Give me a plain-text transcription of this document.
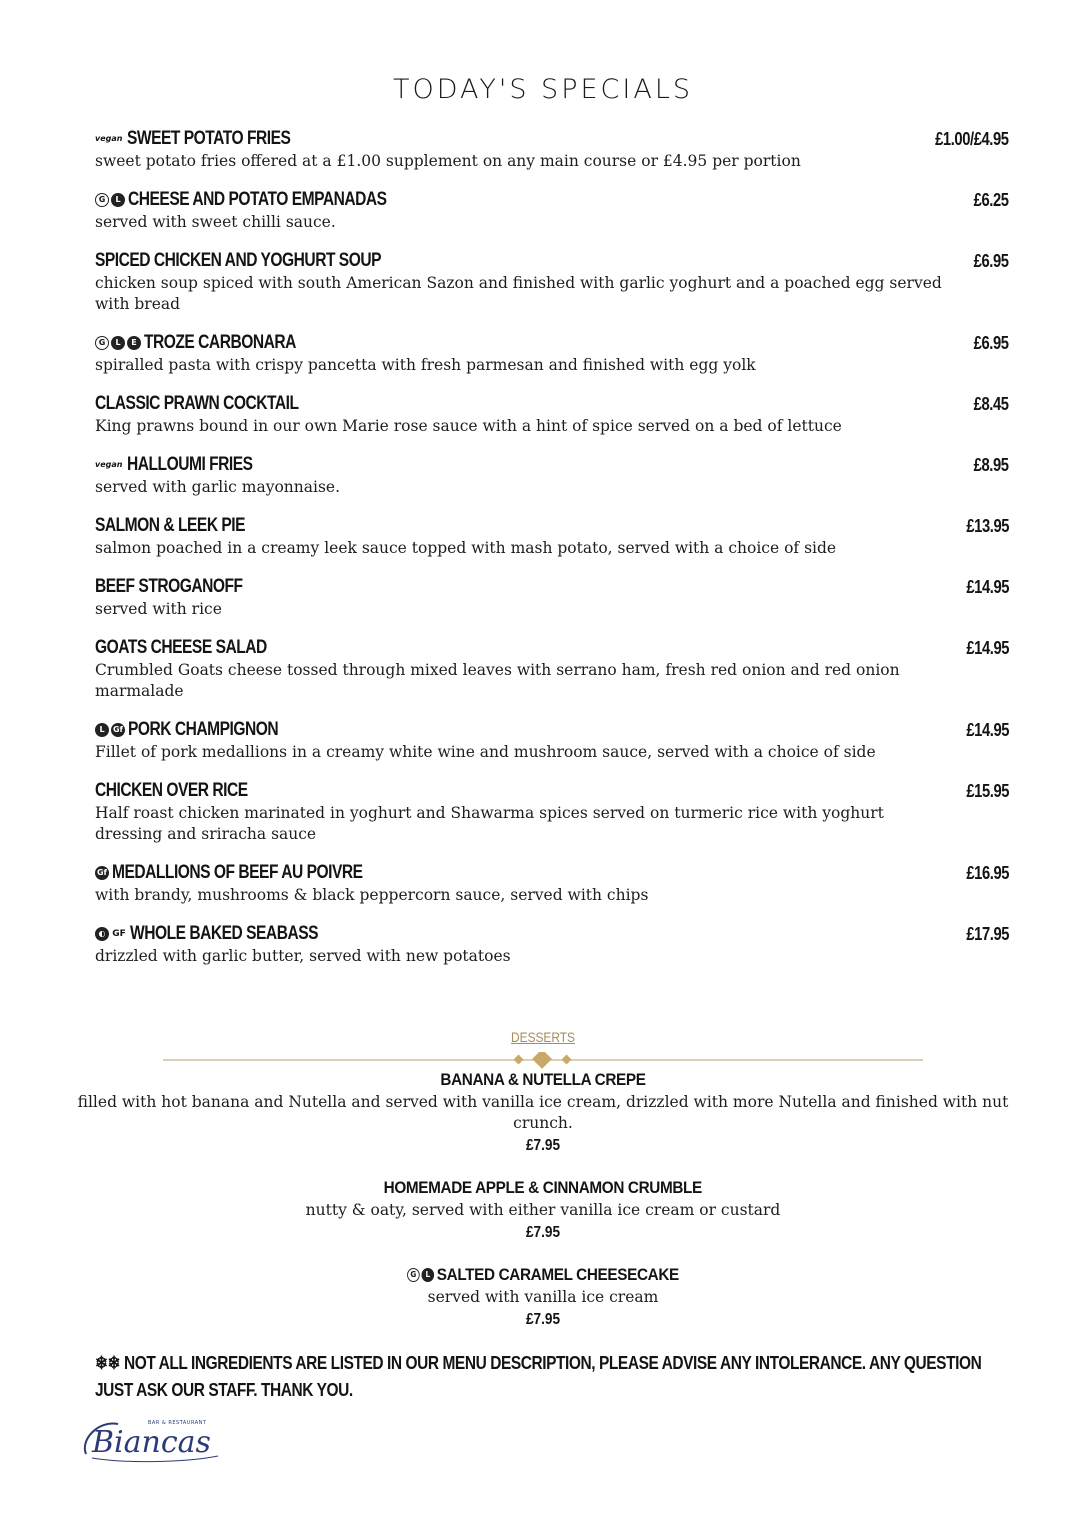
TODAY'S SPECIALS
vegan SWEET POTATO FRIES	£1.00/£4.95
sweet potato fries offered at a £1.00 supplement on any main course or £4.95 per portion
G	L CHEESE AND POTATO EMPANADAS	£6.25
served with sweet chilli sauce.
SPICED CHICKEN AND YOGHURT SOUP	£6.95
chicken soup spiced with south American Sazon and finished with garlic yoghurt and a poached egg served with bread
G	L	E TROZE CARBONARA	£6.95
spiralled pasta with crispy pancetta with fresh parmesan and finished with egg yolk
CLASSIC PRAWN COCKTAIL	£8.45
King prawns bound in our own Marie rose sauce with a hint of spice served on a bed of lettuce
vegan HALLOUMI FRIES	£8.95
served with garlic mayonnaise.
SALMON & LEEK PIE	£13.95
salmon poached in a creamy leek sauce topped with mash potato, served with a choice of side
BEEF STROGANOFF	£14.95
served with rice
GOATS CHEESE SALAD	£14.95
Crumbled Goats cheese tossed through mixed leaves with serrano ham, fresh red onion and red onion marmalade
L	Gf PORK CHAMPIGNON	£14.95
Fillet of pork medallions in a creamy white wine and mushroom sauce, served with a choice of side
CHICKEN OVER RICE	£15.95
Half roast chicken marinated in yoghurt and Shawarma spices served on turmeric rice with yoghurt dressing and sriracha sauce
Gf MEDALLIONS OF BEEF AU POIVRE	£16.95
with brandy, mushrooms & black peppercorn sauce, served with chips
◐ GF WHOLE BAKED SEABASS	£17.95
drizzled with garlic butter, served with new potatoes
DESSERTS
BANANA & NUTELLA CREPE
filled with hot banana and Nutella and served with vanilla ice cream, drizzled with more Nutella and finished with nut crunch.
£7.95
HOMEMADE APPLE & CINNAMON CRUMBLE
nutty & oaty, served with either vanilla ice cream or custard
£7.95
G	L SALTED CARAMEL CHEESECAKE
served with vanilla ice cream
£7.95
❄❄ NOT ALL INGREDIENTS ARE LISTED IN OUR MENU DESCRIPTION, PLEASE ADVISE ANY INTOLERANCE. ANY QUESTION JUST ASK OUR STAFF. THANK YOU.
BAR & RESTAURANT
Biancas
